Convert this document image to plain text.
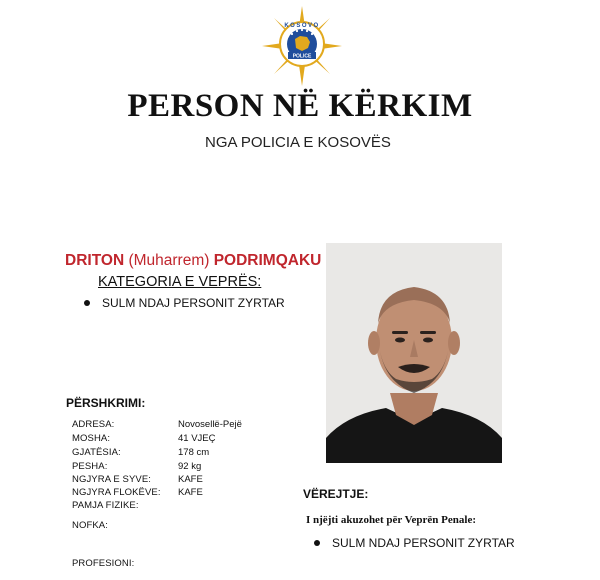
KOSOVO
POLICE
PERSON NË KËRKIM
NGA POLICIA E KOSOVËS
DRITON (Muharrem) PODRIMQAKU
KATEGORIA E VEPRËS:
SULM NDAJ PERSONIT ZYRTAR
PËRSHKRIMI:
ADRESA:	Novosellë-Pejë
MOSHA:	41 VJEÇ
GJATËSIA:	178 cm
PESHA:	92 kg
NGJYRA E SYVE:	KAFE
NGJYRA FLOKËVE: KAFE
PAMJA FIZIKE:
NOFKA:
PROFESIONI:
VËREJTJE:
I njëjti akuzohet për Veprën Penale:
SULM NDAJ PERSONIT ZYRTAR
